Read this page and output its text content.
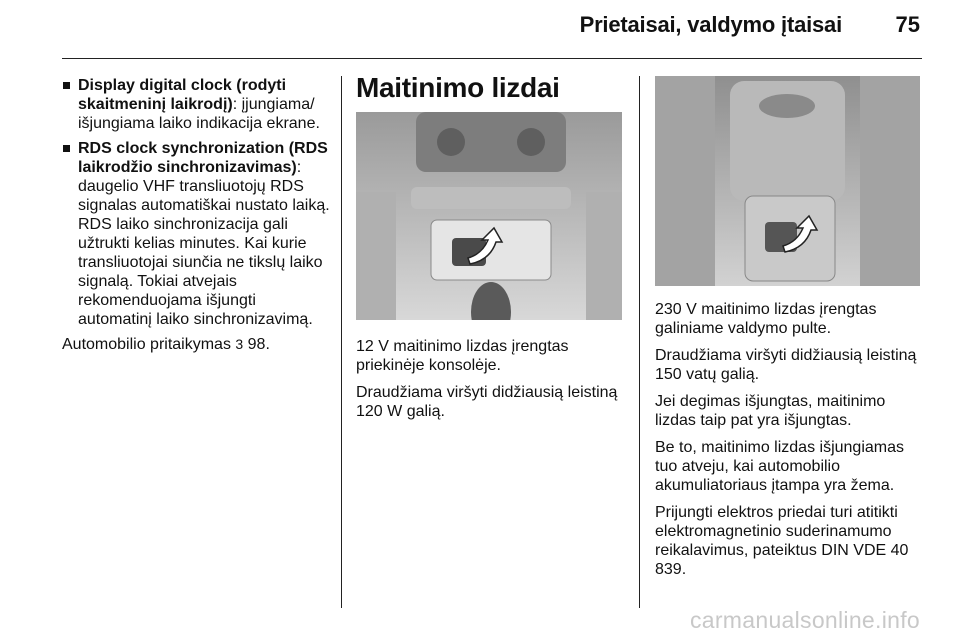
Prietaisai, valdymo įtaisai 75
Display digital clock (rodyti skaitmeninį laikrodį): įjungiama/ išjungiama laiko indikacija ekrane.
RDS clock synchronization (RDS laikrodžio sinchronizavimas): daugelio VHF transliuotojų RDS signalas automatiškai nustato laiką. RDS laiko sinchronizacija gali užtrukti kelias minutes. Kai kurie transliuotojai siunčia ne tikslų laiko signalą. Tokiai atvejais rekomenduojama išjungti automatinį laiko sinchronizavimą.

Automobilio pritaikymas 3 98.

Maitinimo lizdai

12 V maitinimo lizdas įrengtas priekinėje konsolėje.

Draudžiama viršyti didžiausią leistiną 120 W galią.

230 V maitinimo lizdas įrengtas galiniame valdymo pulte.

Draudžiama viršyti didžiausią leistiną 150 vatų galią.

Jei degimas išjungtas, maitinimo lizdas taip pat yra išjungtas.

Be to, maitinimo lizdas išjungiamas tuo atveju, kai automobilio akumuliatoriaus įtampa yra žema.

Prijungti elektros priedai turi atitikti elektromagnetinio suderinamumo reikalavimus, pateiktus DIN VDE 40 839.

carmanualsonline.info
